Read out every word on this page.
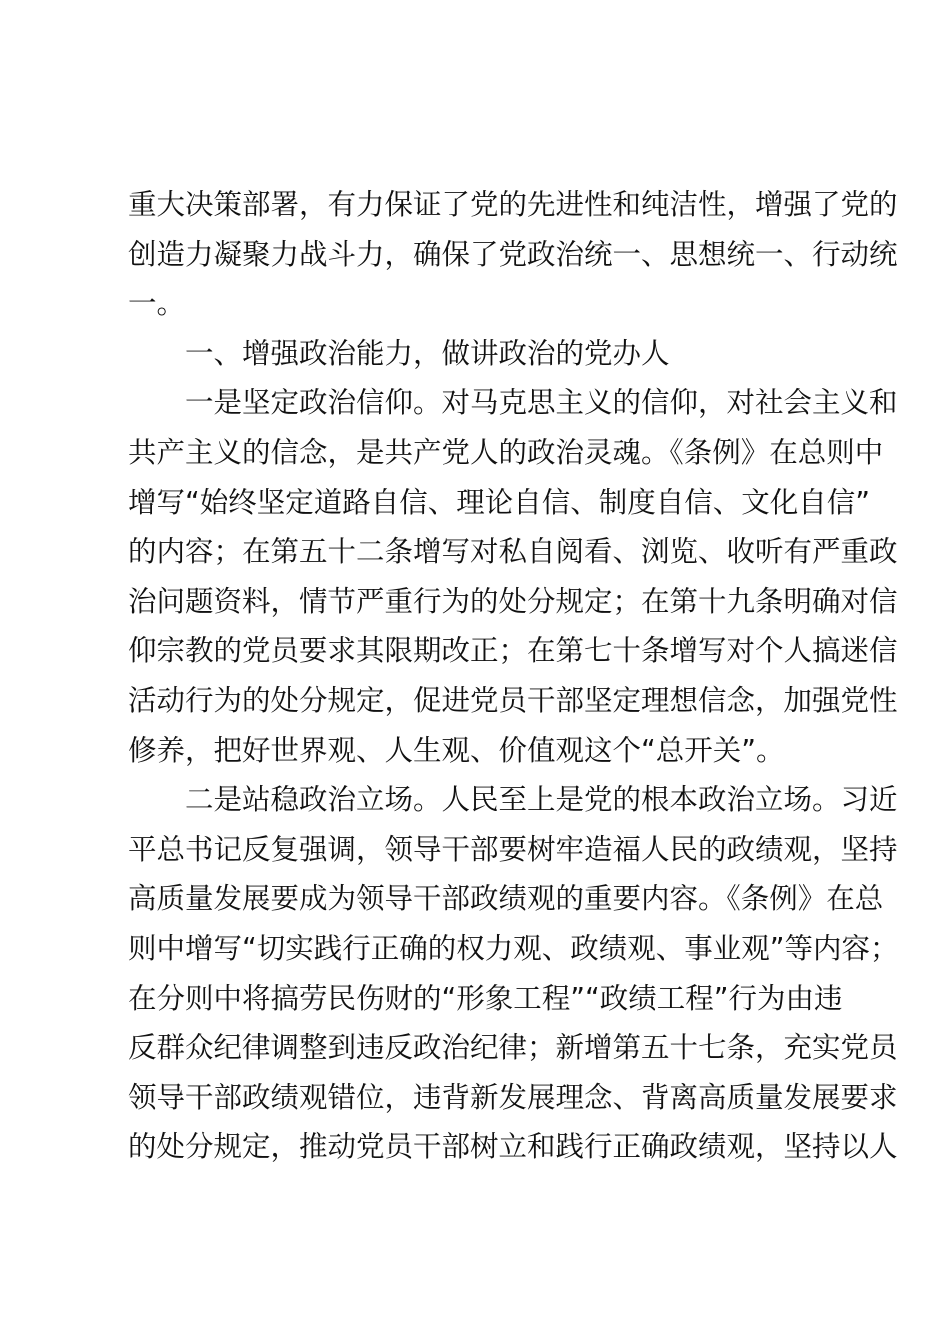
重大决策部署，有力保证了党的先进性和纯洁性，增强了党的
创造力凝聚力战斗力，确保了党政治统一、思想统一、行动统
一。
一、增强政治能力，做讲政治的党办人
一是坚定政治信仰。对马克思主义的信仰，对社会主义和
共产主义的信念，是共产党人的政治灵魂。《条例》在总则中
增写“始终坚定道路自信、理论自信、制度自信、文化自信”
的内容；在第五十二条增写对私自阅看、浏览、收听有严重政
治问题资料，情节严重行为的处分规定；在第十九条明确对信
仰宗教的党员要求其限期改正；在第七十条增写对个人搞迷信
活动行为的处分规定，促进党员干部坚定理想信念，加强党性
修养，把好世界观、人生观、价值观这个“总开关”。
二是站稳政治立场。人民至上是党的根本政治立场。习近
平总书记反复强调，领导干部要树牢造福人民的政绩观，坚持
高质量发展要成为领导干部政绩观的重要内容。《条例》在总
则中增写“切实践行正确的权力观、政绩观、事业观”等内容；
在分则中将搞劳民伤财的“形象工程”“政绩工程”行为由违
反群众纪律调整到违反政治纪律；新增第五十七条，充实党员
领导干部政绩观错位，违背新发展理念、背离高质量发展要求
的处分规定，推动党员干部树立和践行正确政绩观，坚持以人
